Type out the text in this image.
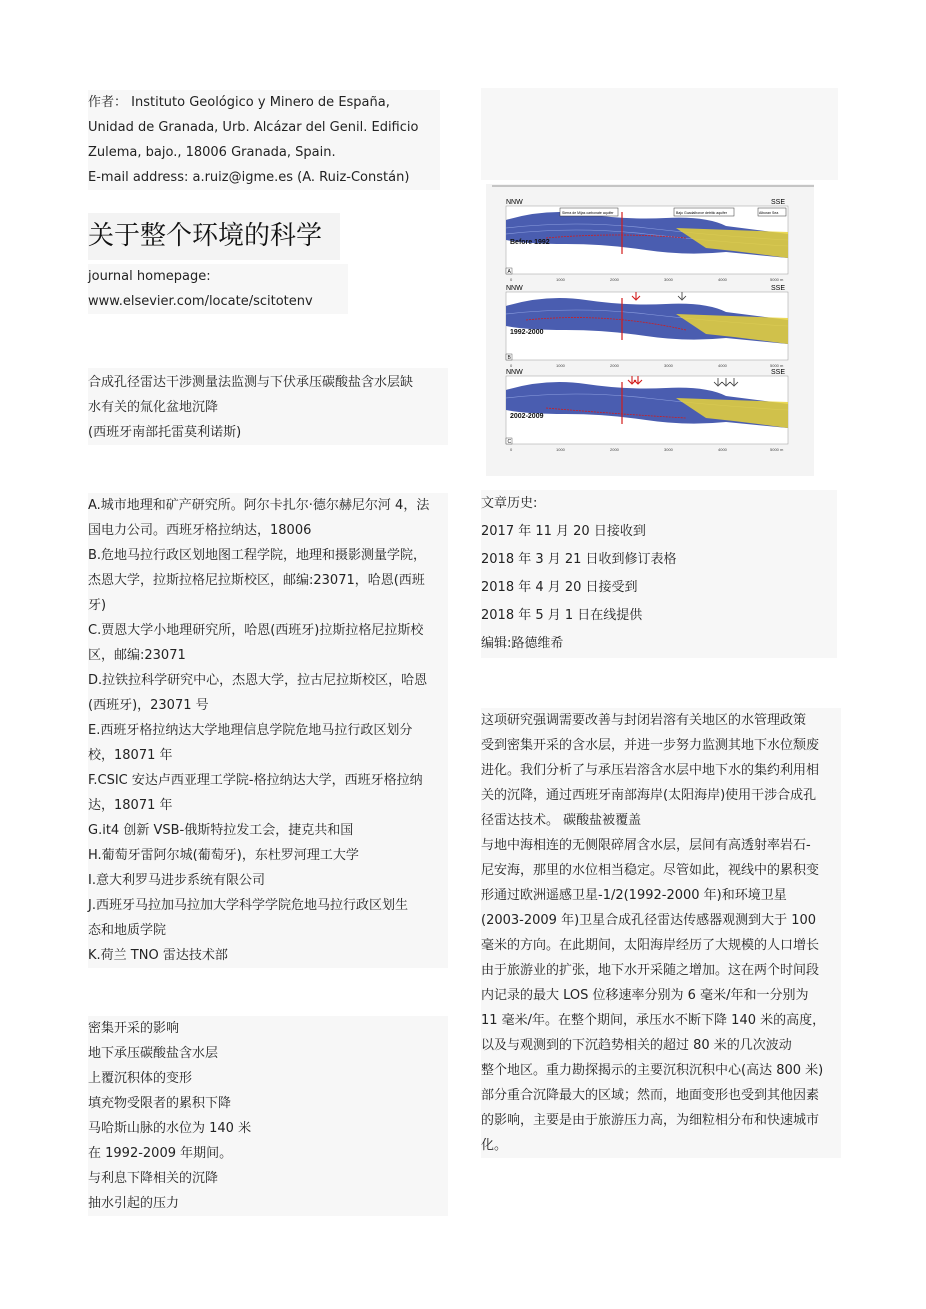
作者： Instituto Geológico y Minero de España,
Unidad de Granada, Urb. Alcázar del Genil. Edificio
Zulema, bajo., 18006 Granada, Spain.
E-mail address: a.ruiz@igme.es (A. Ruiz-Constán)
关于整个环境的科学
journal homepage:
www.elsevier.com/locate/scitotenv
合成孔径雷达干涉测量法监测与下伏承压碳酸盐含水层缺
水有关的氚化盆地沉降
(西班牙南部托雷莫利诺斯)
A.城市地理和矿产研究所。阿尔卡扎尔·德尔赫尼尔河 4，法
国电力公司。西班牙格拉纳达，18006
B.危地马拉行政区划地图工程学院，地理和摄影测量学院，
杰恩大学，拉斯拉格尼拉斯校区，邮编:23071，哈恩(西班
牙)
C.贾恩大学小地理研究所，哈恩(西班牙)拉斯拉格尼拉斯校
区，邮编:23071
D.拉铁拉科学研究中心，杰恩大学，拉古尼拉斯校区，哈恩
(西班牙)，23071 号
E.西班牙格拉纳达大学地理信息学院危地马拉行政区划分
校，18071 年
F.CSIC 安达卢西亚理工学院-格拉纳达大学，西班牙格拉纳
达，18071 年
G.it4 创新 VSB-俄斯特拉发工会，捷克共和国
H.葡萄牙雷阿尔城(葡萄牙)，东杜罗河理工大学
I.意大利罗马进步系统有限公司
J.西班牙马拉加马拉加大学科学学院危地马拉行政区划生
态和地质学院
K.荷兰 TNO 雷达技术部
密集开采的影响
地下承压碳酸盐含水层
上覆沉积体的变形
填充物受限者的累积下降
马哈斯山脉的水位为 140 米
在 1992-2009 年期间。
与利息下降相关的沉降
抽水引起的压力
NNW	SSE
Sierra de Mijas carbonate aquifer	Bajo Guadalhorce detritic aquifer	Alboran Sea
Before 1992
A
0	1000	2000	3000	4000	5000 m
NNW	SSE
1992-2000
B
0	1000	2000	3000	4000	5000 m
NNW	SSE
2002-2009
C
0	1000	2000	3000	4000	5000 m
文章历史:
2017 年 11 月 20 日接收到
2018 年 3 月 21 日收到修订表格
2018 年 4 月 20 日接受到
2018 年 5 月 1 日在线提供
编辑:路德维希
这项研究强调需要改善与封闭岩溶有关地区的水管理政策
受到密集开采的含水层，并进一步努力监测其地下水位颓废
进化。我们分析了与承压岩溶含水层中地下水的集约利用相
关的沉降，通过西班牙南部海岸(太阳海岸)使用干涉合成孔
径雷达技术。 碳酸盐被覆盖
与地中海相连的无侧限碎屑含水层，层间有高透射率岩石-
尼安海，那里的水位相当稳定。尽管如此，视线中的累积变
形通过欧洲遥感卫星-1/2(1992-2000 年)和环境卫星
(2003-2009 年)卫星合成孔径雷达传感器观测到大于 100
毫米的方向。在此期间，太阳海岸经历了大规模的人口增长
由于旅游业的扩张，地下水开采随之增加。这在两个时间段
内记录的最大 LOS 位移速率分别为 6 毫米/年和一分别为
11 毫米/年。在整个期间，承压水不断下降 140 米的高度，
以及与观测到的下沉趋势相关的超过 80 米的几次波动
整个地区。重力勘探揭示的主要沉积沉积中心(高达 800 米)
部分重合沉降最大的区域；然而，地面变形也受到其他因素
的影响，主要是由于旅游压力高，为细粒相分布和快速城市
化。
